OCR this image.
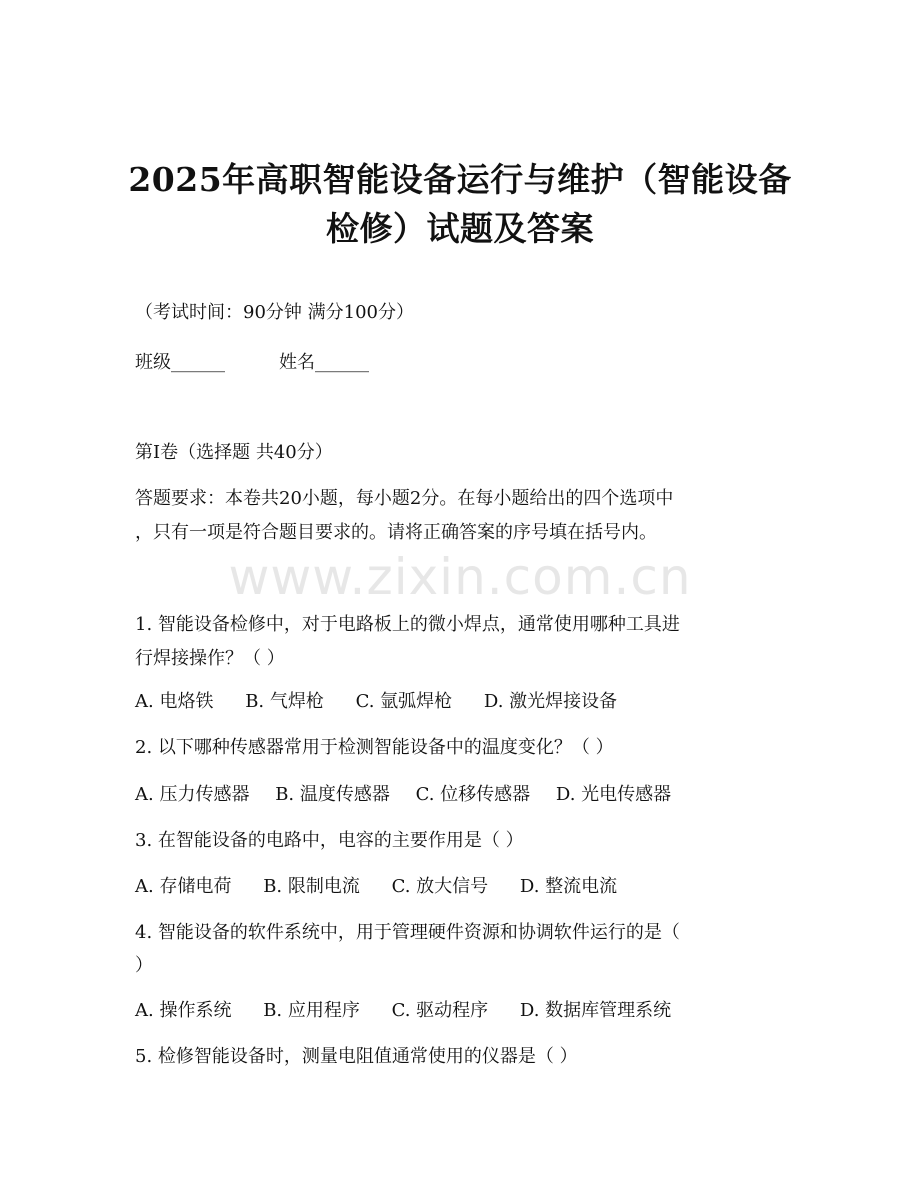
2025年高职智能设备运行与维护（智能设备
检修）试题及答案

（考试时间：90分钟 满分100分）

班级______	姓名______

第I卷（选择题 共40分）

答题要求：本卷共20小题，每小题2分。在每小题给出的四个选项中

，只有一项是符合题目要求的。请将正确答案的序号填在括号内。

www.zixin.com.cn

1. 智能设备检修中，对于电路板上的微小焊点，通常使用哪种工具进

行焊接操作？（ ）

A. 电烙铁 B. 气焊枪 C. 氩弧焊枪 D. 激光焊接设备

2. 以下哪种传感器常用于检测智能设备中的温度变化？（ ）

A. 压力传感器 B. 温度传感器 C. 位移传感器 D. 光电传感器

3. 在智能设备的电路中，电容的主要作用是（ ）

A. 存储电荷 B. 限制电流 C. 放大信号 D. 整流电流

4. 智能设备的软件系统中，用于管理硬件资源和协调软件运行的是（

）

A. 操作系统 B. 应用程序 C. 驱动程序 D. 数据库管理系统

5. 检修智能设备时，测量电阻值通常使用的仪器是（ ）
